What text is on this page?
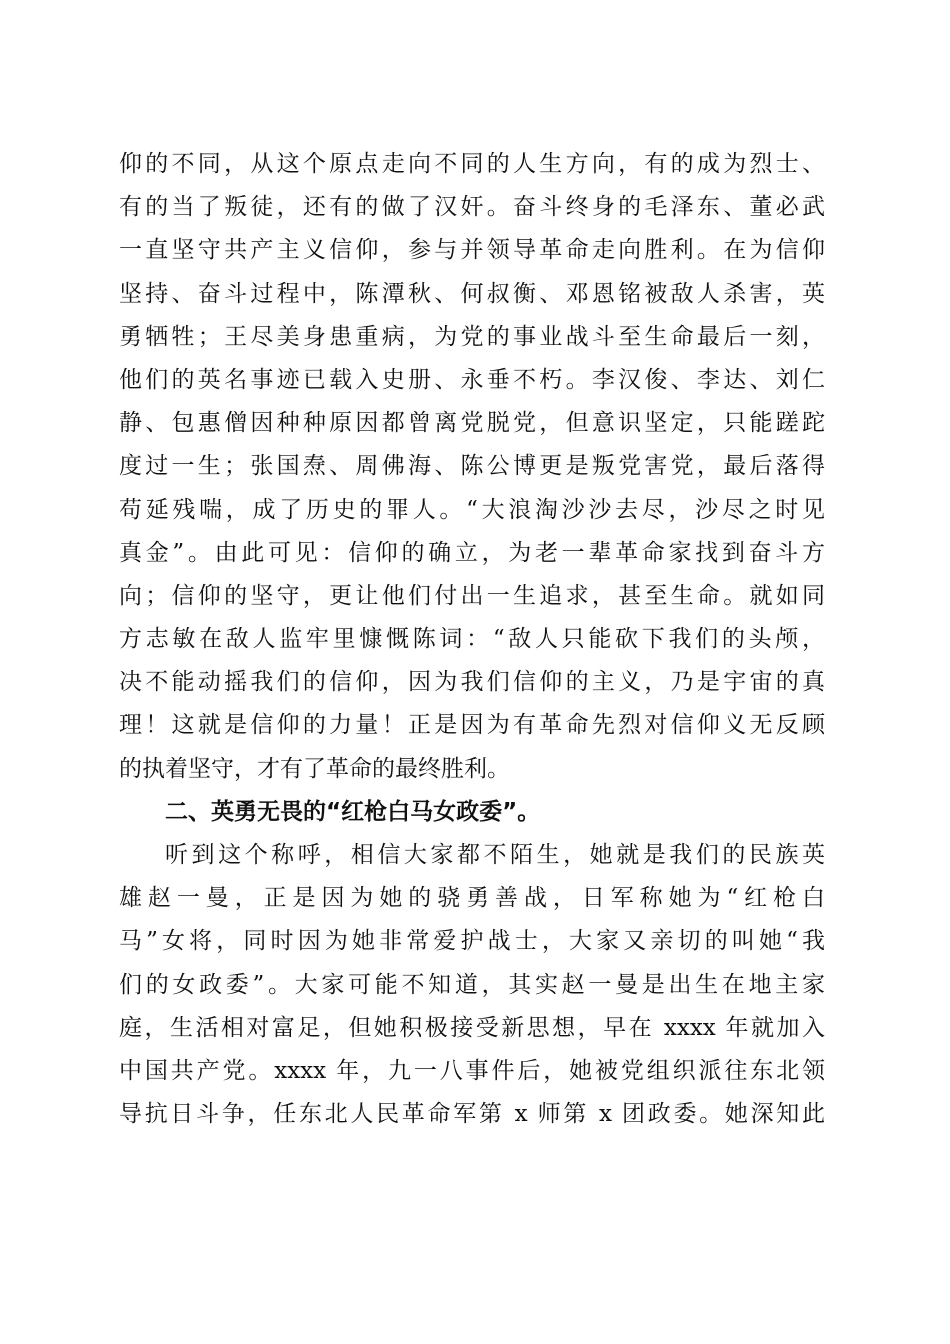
仰的不同，从这个原点走向不同的人生方向，有的成为烈士、
有的当了叛徒，还有的做了汉奸。奋斗终身的毛泽东、董必武
一直坚守共产主义信仰，参与并领导革命走向胜利。在为信仰
坚持、奋斗过程中，陈潭秋、何叔衡、邓恩铭被敌人杀害，英
勇牺牲；王尽美身患重病，为党的事业战斗至生命最后一刻，
他们的英名事迹已载入史册、永垂不朽。李汉俊、李达、刘仁
静、包惠僧因种种原因都曾离党脱党，但意识坚定，只能蹉跎
度过一生；张国焘、周佛海、陈公博更是叛党害党，最后落得
苟延残喘，成了历史的罪人。“大浪淘沙沙去尽，沙尽之时见
真金”。由此可见：信仰的确立，为老一辈革命家找到奋斗方
向；信仰的坚守，更让他们付出一生追求，甚至生命。就如同
方志敏在敌人监牢里慷慨陈词：“敌人只能砍下我们的头颅，
决不能动摇我们的信仰，因为我们信仰的主义，乃是宇宙的真
理！这就是信仰的力量！正是因为有革命先烈对信仰义无反顾
的执着坚守，才有了革命的最终胜利。
二、英勇无畏的“红枪白马女政委”。
听到这个称呼，相信大家都不陌生，她就是我们的民族英
雄赵一曼，正是因为她的骁勇善战，日军称她为“红枪白
马”女将，同时因为她非常爱护战士，大家又亲切的叫她“我
们的女政委”。大家可能不知道，其实赵一曼是出生在地主家
庭，生活相对富足，但她积极接受新思想，早在 xxxx 年就加入
中国共产党。xxxx 年，九一八事件后，她被党组织派往东北领
导抗日斗争，任东北人民革命军第 x 师第 x 团政委。她深知此
